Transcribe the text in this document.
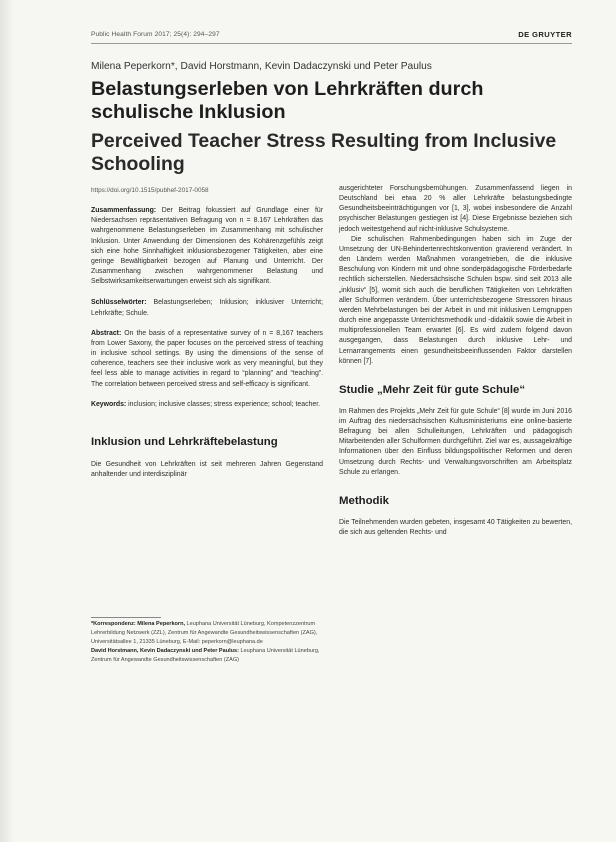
Public Health Forum 2017; 25(4): 294–297	DE GRUYTER
Milena Peperkorn*, David Horstmann, Kevin Dadaczynski und Peter Paulus
Belastungserleben von Lehrkräften durch schulische Inklusion
Perceived Teacher Stress Resulting from Inclusive Schooling

https://doi.org/10.1515/pubhef-2017-0058

Zusammenfassung: Der Beitrag fokussiert auf Grundlage einer für Niedersachsen repräsentativen Befragung von n = 8.167 Lehrkräften das wahrgenommene Belastungserleben im Zusammenhang mit schulischer Inklusion. Unter Anwendung der Dimensionen des Kohärenzgefühls zeigt sich eine hohe Sinnhaftigkeit inklusionsbezogener Tätigkeiten, aber eine geringe Bewältigbarkeit bezogen auf Planung und Unterricht. Der Zusammenhang zwischen wahrgenommener Belastung und Selbstwirksamkeitserwartungen erweist sich als signifikant.

Schlüsselwörter: Belastungserleben; Inklusion; inklusiver Unterricht; Lehrkräfte; Schule.

Abstract: On the basis of a representative survey of n = 8,167 teachers from Lower Saxony, the paper focuses on the perceived stress of teaching in inclusive school settings. By using the dimensions of the sense of coherence, teachers see their inclusive work as very meaningful, but they feel less able to manage activities in regard to “planning” and “teaching”. The correlation between perceived stress and self-efficacy is significant.

Keywords: inclusion; inclusive classes; stress experience; school; teacher.

Inklusion und Lehrkräftebelastung

Die Gesundheit von Lehrkräften ist seit mehreren Jahren Gegenstand anhaltender und interdisziplinär

*Korrespondenz: Milena Peperkorn, Leuphana Universität Lüneburg, Kompetenzzentrum Lehrerbildung Netzwerk (ZZL), Zentrum für Angewandte Gesundheitswissenschaften (ZAG), Universitätsallee 1, 21335 Lüneburg, E-Mail: peperkorn@leuphana.de

David Horstmann, Kevin Dadaczynski und Peter Paulus: Leuphana Universität Lüneburg, Zentrum für Angewandte Gesundheitswissenschaften (ZAG)

ausgerichteter Forschungsbemühungen. Zusammenfassend liegen in Deutschland bei etwa 20 % aller Lehrkräfte belastungsbedingte Gesundheitsbeeinträchtigungen vor [1, 3], wobei insbesondere die Anzahl psychischer Belastungen gestiegen ist [4]. Diese Ergebnisse beziehen sich jedoch weitestgehend auf nicht-inklusive Schulsysteme.

Die schulischen Rahmenbedingungen haben sich im Zuge der Umsetzung der UN-Behindertenrechtskonvention gravierend verändert. In den Ländern werden Maßnahmen vorangetrieben, die die inklusive Beschulung von Kindern mit und ohne sonderpädagogische Förderbedarfe rechtlich sicherstellen. Niedersächsische Schulen bspw. sind seit 2013 alle „inklusiv“ [5], womit sich auch die beruflichen Tätigkeiten von Lehrkräften aller Schulformen verändern. Über unterrichtsbezogene Stressoren hinaus werden Mehrbelastungen bei der Arbeit in und mit inklusiven Lerngruppen durch eine angepasste Unterrichtsmethodik und -didaktik sowie die Arbeit in multiprofessionellen Team erwartet [6]. Es wird zudem folgend davon ausgegangen, dass Belastungen durch inklusive Lehr- und Lernarrangements einen gesundheitsbeeinflussenden Faktor darstellen können [7].

Studie „Mehr Zeit für gute Schule“

Im Rahmen des Projekts „Mehr Zeit für gute Schule“ [8] wurde im Juni 2016 im Auftrag des niedersächsischen Kultusministeriums eine online-basierte Befragung bei allen Schulleitungen, Lehrkräften und pädagogisch Mitarbeitenden aller Schulformen durchgeführt. Ziel war es, aussagekräftige Informationen über den Einfluss bildungspolitischer Reformen und deren Umsetzung durch Rechts- und Verwaltungsvorschriften am Arbeitsplatz Schule zu erlangen.

Methodik

Die Teilnehmenden wurden gebeten, insgesamt 40 Tätigkeiten zu bewerten, die sich aus geltenden Rechts- und
